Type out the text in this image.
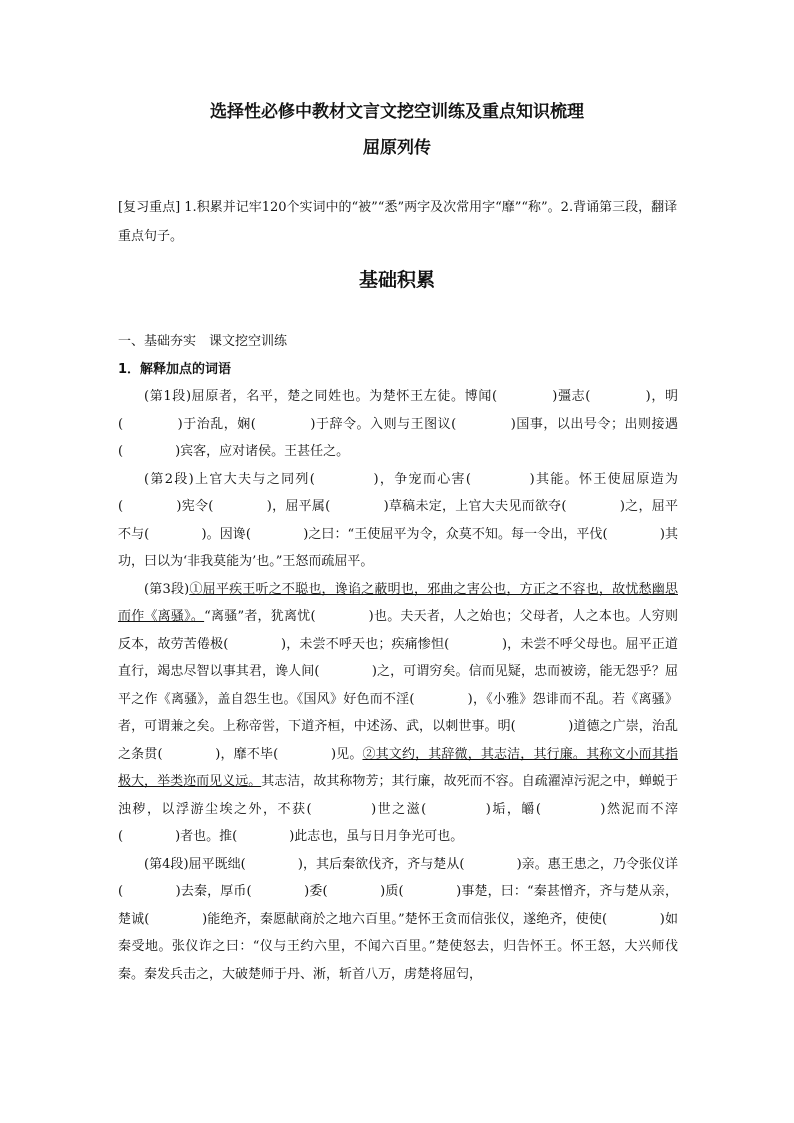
选择性必修中教材文言文挖空训练及重点知识梳理
屈原列传
[复习重点] 1.积累并记牢120个实词中的“被”“悉”两字及次常用字“靡”“称”。2.背诵第三段，翻译重点句子。
基础积累
一、基础夯实　课文挖空训练
1．解释加点的词语
(第1段)屈原者，名平，楚之同姓也。为楚怀王左徒。博闻(　　　　)彊志(　　　　)，明(　　　　)于治乱，娴(　　　　)于辞令。入则与王图议(　　　　)国事，以出号令；出则接遇(　　　　)宾客，应对诸侯。王甚任之。
(第2段)上官大夫与之同列(　　　　)，争宠而心害(　　　　)其能。怀王使屈原造为(　　　　)宪令(　　　　)，屈平属(　　　　)草稿未定，上官大夫见而欲夺(　　　　)之，屈平不与(　　　　)。因谗(　　　　)之曰：“王使屈平为令，众莫不知。每一令出，平伐(　　　　)其功，曰以为‘非我莫能为’也。”王怒而疏屈平。
(第3段)①屈平疾王听之不聪也，谗谄之蔽明也，邪曲之害公也，方正之不容也，故忧愁幽思而作《离骚》。“离骚”者，犹离忧(　　　　)也。夫天者，人之始也；父母者，人之本也。人穷则反本，故劳苦倦极(　　　　)，未尝不呼天也；疾痛惨怛(　　　　)，未尝不呼父母也。屈平正道直行，竭忠尽智以事其君，谗人间(　　　　)之，可谓穷矣。信而见疑，忠而被谤，能无怨乎？屈平之作《离骚》，盖自怨生也。《国风》好色而不淫(　　　　)，《小雅》怨诽而不乱。若《离骚》者，可谓兼之矣。上称帝喾，下道齐桓，中述汤、武，以刺世事。明(　　　　)道德之广崇，治乱之条贯(　　　　)，靡不毕(　　　　)见。②其文约，其辞微，其志洁，其行廉。其称文小而其指极大，举类迩而见义远。其志洁，故其称物芳；其行廉，故死而不容。自疏濯淖污泥之中，蝉蜕于浊秽，以浮游尘埃之外，不获(　　　　)世之滋(　　　　)垢，皭(　　　　)然泥而不滓(　　　　)者也。推(　　　　)此志也，虽与日月争光可也。
(第4段)屈平既绌(　　　　)，其后秦欲伐齐，齐与楚从(　　　　)亲。惠王患之，乃令张仪详(　　　　)去秦，厚币(　　　　)委(　　　　)质(　　　　)事楚，曰：“秦甚憎齐，齐与楚从亲，楚诚(　　　　)能绝齐，秦愿献商於之地六百里。”楚怀王贪而信张仪，遂绝齐，使使(　　　　)如秦受地。张仪诈之曰：“仪与王约六里，不闻六百里。”楚使怒去，归告怀王。怀王怒，大兴师伐秦。秦发兵击之，大破楚师于丹、淅，斩首八万，虏楚将屈匄，
